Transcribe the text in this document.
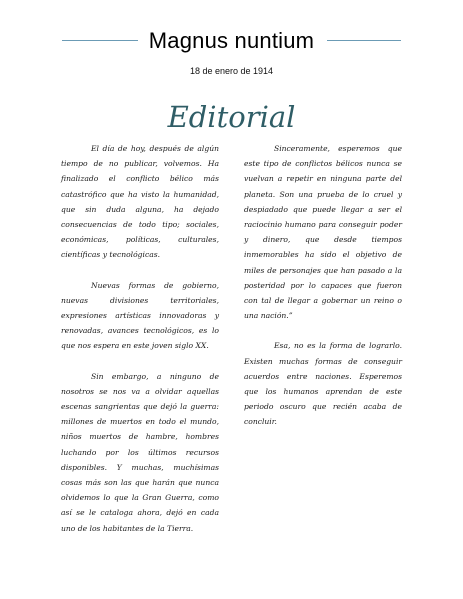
Magnus nuntium
18 de enero de 1914
Editorial

El día de hoy, después de algún tiempo de no publicar, volvemos. Ha finalizado el conflicto bélico más catastrófico que ha visto la humanidad, que sin duda alguna, ha dejado consecuencias de todo tipo; sociales, económicas, políticas, culturales, científicas y tecnológicas.

Nuevas formas de gobierno, nuevas divisiones territoriales, expresiones artísticas innovadoras y renovadas, avances tecnológicos, es lo que nos espera en este joven siglo XX.

Sin embargo, a ninguno de nosotros se nos va a olvidar aquellas escenas sangrientas que dejó la guerra: millones de muertos en todo el mundo, niños muertos de hambre, hombres luchando por los últimos recursos disponibles. Y muchas, muchísimas cosas más son las que harán que nunca olvidemos lo que la Gran Guerra, como así se le cataloga ahora, dejó en cada uno de los habitantes de la Tierra.

Sinceramente, esperemos que este tipo de conflictos bélicos nunca se vuelvan a repetir en ninguna parte del planeta. Son una prueba de lo cruel y despiadado que puede llegar a ser el raciocinio humano para conseguir poder y dinero, que desde tiempos inmemorables ha sido el objetivo de miles de personajes que han pasado a la posteridad por lo capaces que fueron con tal de llegar a gobernar un reino o una nación.”

Esa, no es la forma de lograrlo. Existen muchas formas de conseguir acuerdos entre naciones. Esperemos que los humanos aprendan de este periodo oscuro que recién acaba de concluir.
